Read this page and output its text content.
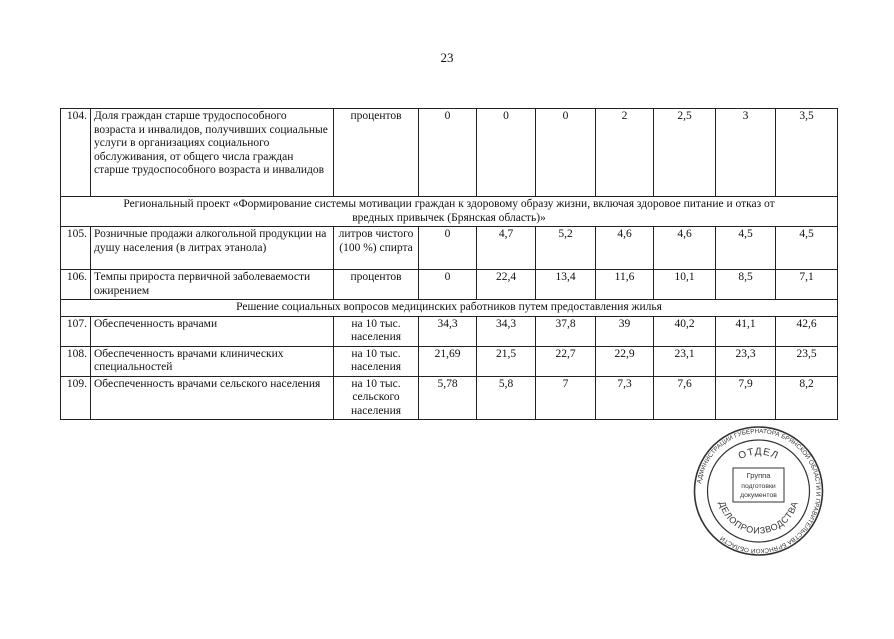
23
104.	Доля граждан старше трудоспособного возраста и инвалидов, получивших социальные услуги в организациях социального обслуживания, от общего числа граждан старше трудоспособного возраста и инвалидов	процентов	0	0	0	2	2,5	3	3,5
Региональный проект «Формирование системы мотивации граждан к здоровому образу жизни, включая здоровое питание и отказ от вредных привычек (Брянская область)»									
105.	Розничные продажи алкогольной продукции на душу населения (в литрах этанола)	литров чистого (100 %) спирта	0	4,7	5,2	4,6	4,6	4,5	4,5
106.	Темпы прироста первичной заболеваемости ожирением	процентов	0	22,4	13,4	11,6	10,1	8,5	7,1
Решение социальных вопросов медицинских работников путем предоставления жилья									
107.	Обеспеченность врачами	на 10 тыс. населения	34,3	34,3	37,8	39	40,2	41,1	42,6
108.	Обеспеченность врачами клинических специальностей	на 10 тыс. населения	21,69	21,5	22,7	22,9	23,1	23,3	23,5
109.	Обеспеченность врачами сельского населения	на 10 тыс. сельского населения	5,78	5,8	7	7,3	7,6	7,9	8,2
АДМИНИСТРАЦИИ ГУБЕРНАТОРА БРЯНСКОЙ ОБЛАСТИ И ПРАВИТЕЛЬСТВА БРЯНСКОЙ ОБЛАСТИ
ОТДЕЛ
ДЕЛОПРОИЗВОДСТВА
Группа
подготовки
документов
